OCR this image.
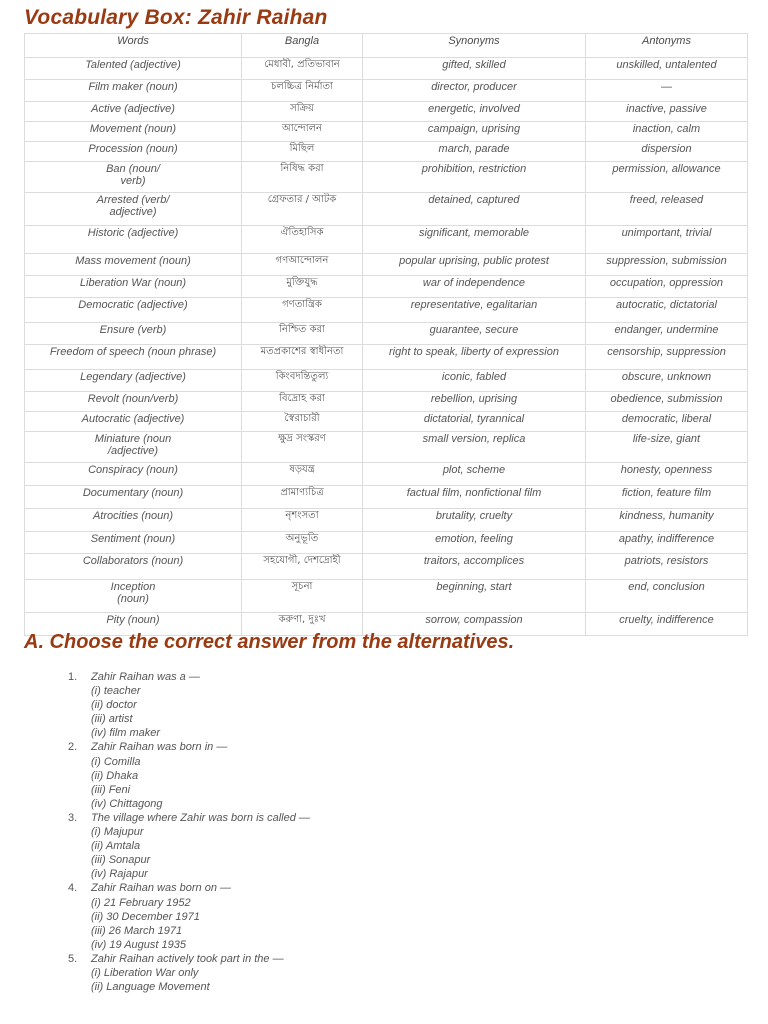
Vocabulary Box: Zahir Raihan
Words	Bangla	Synonyms	Antonyms
Talented (adjective)	মেধাবী, প্রতিভাবান	gifted, skilled	unskilled, untalented
Film maker (noun)	চলচ্চিত্র নির্মাতা	director, producer	—
Active (adjective)	সক্রিয়	energetic, involved	inactive, passive
Movement (noun)	আন্দোলন	campaign, uprising	inaction, calm
Procession (noun)	মিছিল	march, parade	dispersion
Ban (noun/
verb)	নিষিদ্ধ করা	prohibition, restriction	permission, allowance
Arrested (verb/
adjective)	গ্রেফতার / আটক	detained, captured	freed, released
Historic (adjective)	ঐতিহাসিক	significant, memorable	unimportant, trivial
Mass movement (noun)	গণআন্দোলন	popular uprising, public protest	suppression, submission
Liberation War (noun)	মুক্তিযুদ্ধ	war of independence	occupation, oppression
Democratic (adjective)	গণতান্ত্রিক	representative, egalitarian	autocratic, dictatorial
Ensure (verb)	নিশ্চিত করা	guarantee, secure	endanger, undermine
Freedom of speech (noun phrase)	মতপ্রকাশের স্বাধীনতা	right to speak, liberty of expression	censorship, suppression
Legendary (adjective)	কিংবদন্তিতুল্য	iconic, fabled	obscure, unknown
Revolt (noun/verb)	বিদ্রোহ করা	rebellion, uprising	obedience, submission
Autocratic (adjective)	স্বৈরাচারী	dictatorial, tyrannical	democratic, liberal
Miniature (noun
/adjective)	ক্ষুদ্র সংস্করণ	small version, replica	life-size, giant
Conspiracy (noun)	ষড়যন্ত্র	plot, scheme	honesty, openness
Documentary (noun)	প্রামাণ্যচিত্র	factual film, nonfictional film	fiction, feature film
Atrocities (noun)	নৃশংসতা	brutality, cruelty	kindness, humanity
Sentiment (noun)	অনুভূতি	emotion, feeling	apathy, indifference
Collaborators (noun)	সহযোগী, দেশদ্রোহী	traitors, accomplices	patriots, resistors
Inception
(noun)	সূচনা	beginning, start	end, conclusion
Pity (noun)	করুণা, দুঃখ	sorrow, compassion	cruelty, indifference
A. Choose the correct answer from the alternatives.
1. Zahir Raihan was a —
(i) teacher
(ii) doctor
(iii) artist
(iv) film maker
2. Zahir Raihan was born in —
(i) Comilla
(ii) Dhaka
(iii) Feni
(iv) Chittagong
3. The village where Zahir was born is called —
(i) Majupur
(ii) Amtala
(iii) Sonapur
(iv) Rajapur
4. Zahir Raihan was born on —
(i) 21 February 1952
(ii) 30 December 1971
(iii) 26 March 1971
(iv) 19 August 1935
5. Zahir Raihan actively took part in the —
(i) Liberation War only
(ii) Language Movement
